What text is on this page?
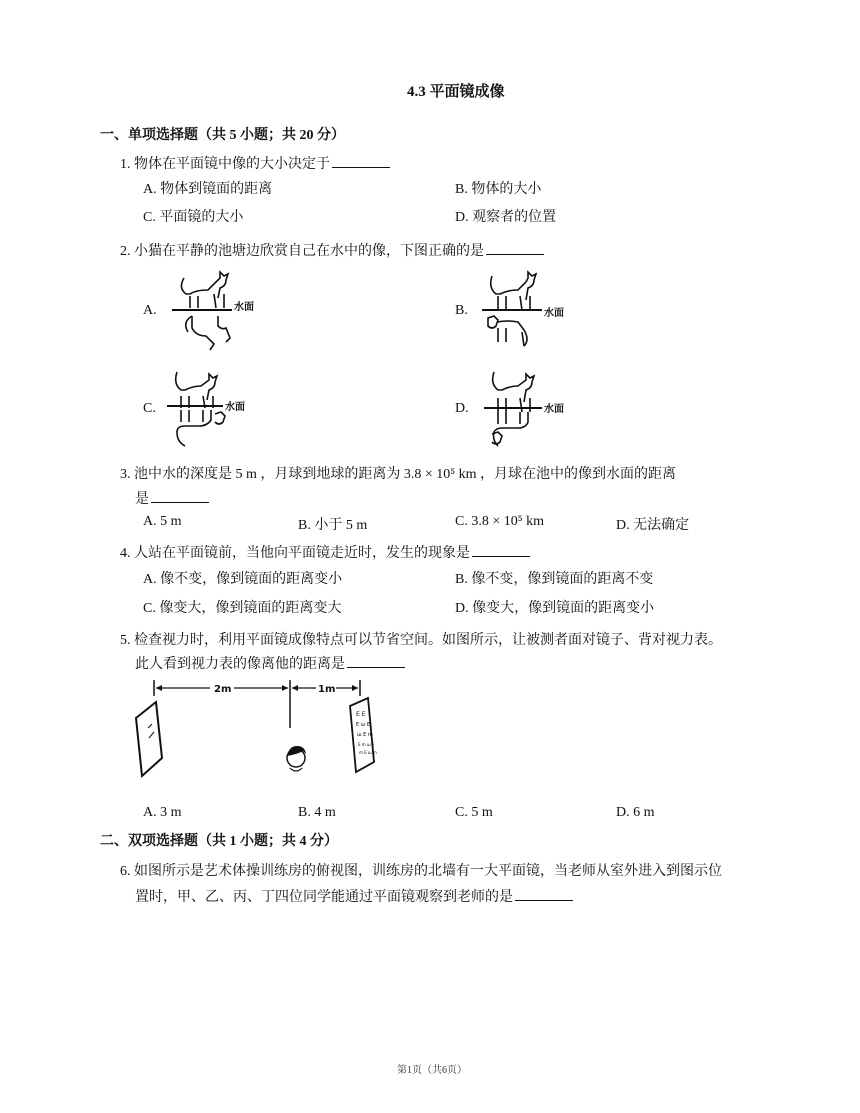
4.3 平面镜成像
一、单项选择题（共 5 小题；共 20 分）
1. 物体在平面镜中像的大小决定于
A. 物体到镜面的距离	B. 物体的大小
C. 平面镜的大小	D. 观察者的位置
2. 小猫在平静的池塘边欣赏自己在水中的像，下图正确的是
A.	B.
C.	D.
水面
水面
水面	水面
3. 池中水的深度是 5 m ，月球到地球的距离为 3.8 × 10⁵ km ，月球在池中的像到水面的距离
是
A. 5 m	B. 小于 5 m	C. 3.8 × 10⁵ km	D. 无法确定
4. 人站在平面镜前，当他向平面镜走近时，发生的现象是
A. 像不变，像到镜面的距离变小	B. 像不变，像到镜面的距离不变
C. 像变大，像到镜面的距离变大	D. 像变大，像到镜面的距离变小
5. 检查视力时，利用平面镜成像特点可以节省空间。如图所示，让被测者面对镜子、背对视力表。
此人看到视力表的像离他的距离是
2m	1m
E E
E ш E
ш E m
E m ш E
m E ш m
A. 3 m	B. 4 m	C. 5 m	D. 6 m
二、双项选择题（共 1 小题；共 4 分）
6. 如图所示是艺术体操训练房的俯视图，训练房的北墙有一大平面镜，当老师从室外进入到图示位
置时，甲、乙、丙、丁四位同学能通过平面镜观察到老师的是
第1页（共6页）
